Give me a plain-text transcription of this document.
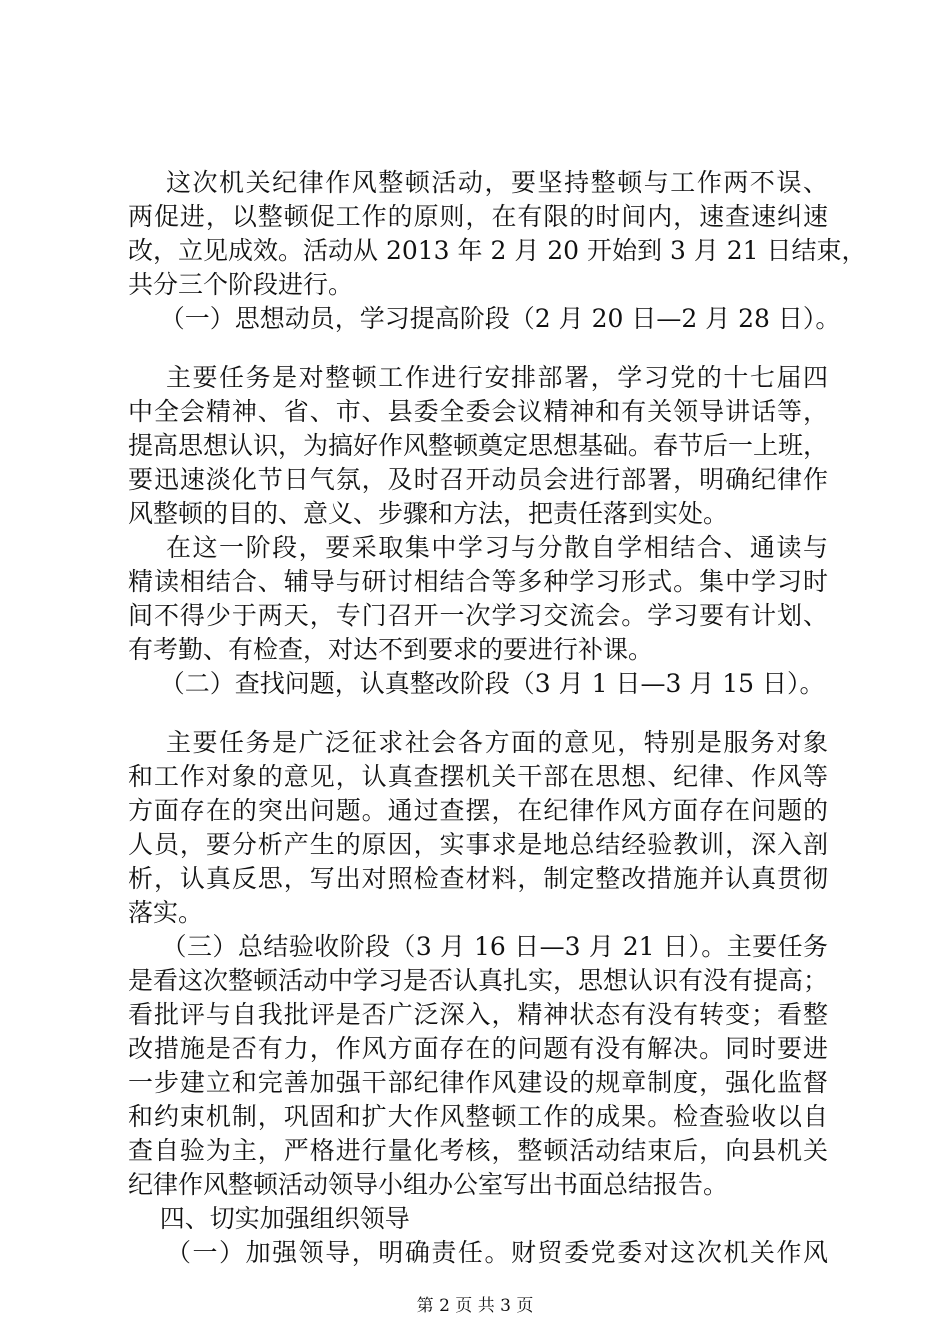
这次机关纪律作风整顿活动，要坚持整顿与工作两不误、
两促进，以整顿促工作的原则，在有限的时间内，速查速纠速
改，立见成效。活动从 2013 年 2 月 20 开始到 3 月 21 日结束，
共分三个阶段进行。
（一）思想动员，学习提高阶段（2 月 20 日—2 月 28 日）。
主要任务是对整顿工作进行安排部署，学习党的十七届四
中全会精神、省、市、县委全委会议精神和有关领导讲话等，
提高思想认识，为搞好作风整顿奠定思想基础。春节后一上班，
要迅速淡化节日气氛，及时召开动员会进行部署，明确纪律作
风整顿的目的、意义、步骤和方法，把责任落到实处。
在这一阶段，要采取集中学习与分散自学相结合、通读与
精读相结合、辅导与研讨相结合等多种学习形式。集中学习时
间不得少于两天，专门召开一次学习交流会。学习要有计划、
有考勤、有检查，对达不到要求的要进行补课。
（二）查找问题，认真整改阶段（3 月 1 日—3 月 15 日）。
主要任务是广泛征求社会各方面的意见，特别是服务对象
和工作对象的意见，认真查摆机关干部在思想、纪律、作风等
方面存在的突出问题。通过查摆，在纪律作风方面存在问题的
人员，要分析产生的原因，实事求是地总结经验教训，深入剖
析，认真反思，写出对照检查材料，制定整改措施并认真贯彻
落实。
（三）总结验收阶段（3 月 16 日—3 月 21 日）。主要任务
是看这次整顿活动中学习是否认真扎实，思想认识有没有提高；
看批评与自我批评是否广泛深入，精神状态有没有转变；看整
改措施是否有力，作风方面存在的问题有没有解决。同时要进
一步建立和完善加强干部纪律作风建设的规章制度，强化监督
和约束机制，巩固和扩大作风整顿工作的成果。检查验收以自
查自验为主，严格进行量化考核，整顿活动结束后，向县机关
纪律作风整顿活动领导小组办公室写出书面总结报告。
四、切实加强组织领导
（一）加强领导，明确责任。财贸委党委对这次机关作风
第 2 页 共 3 页
